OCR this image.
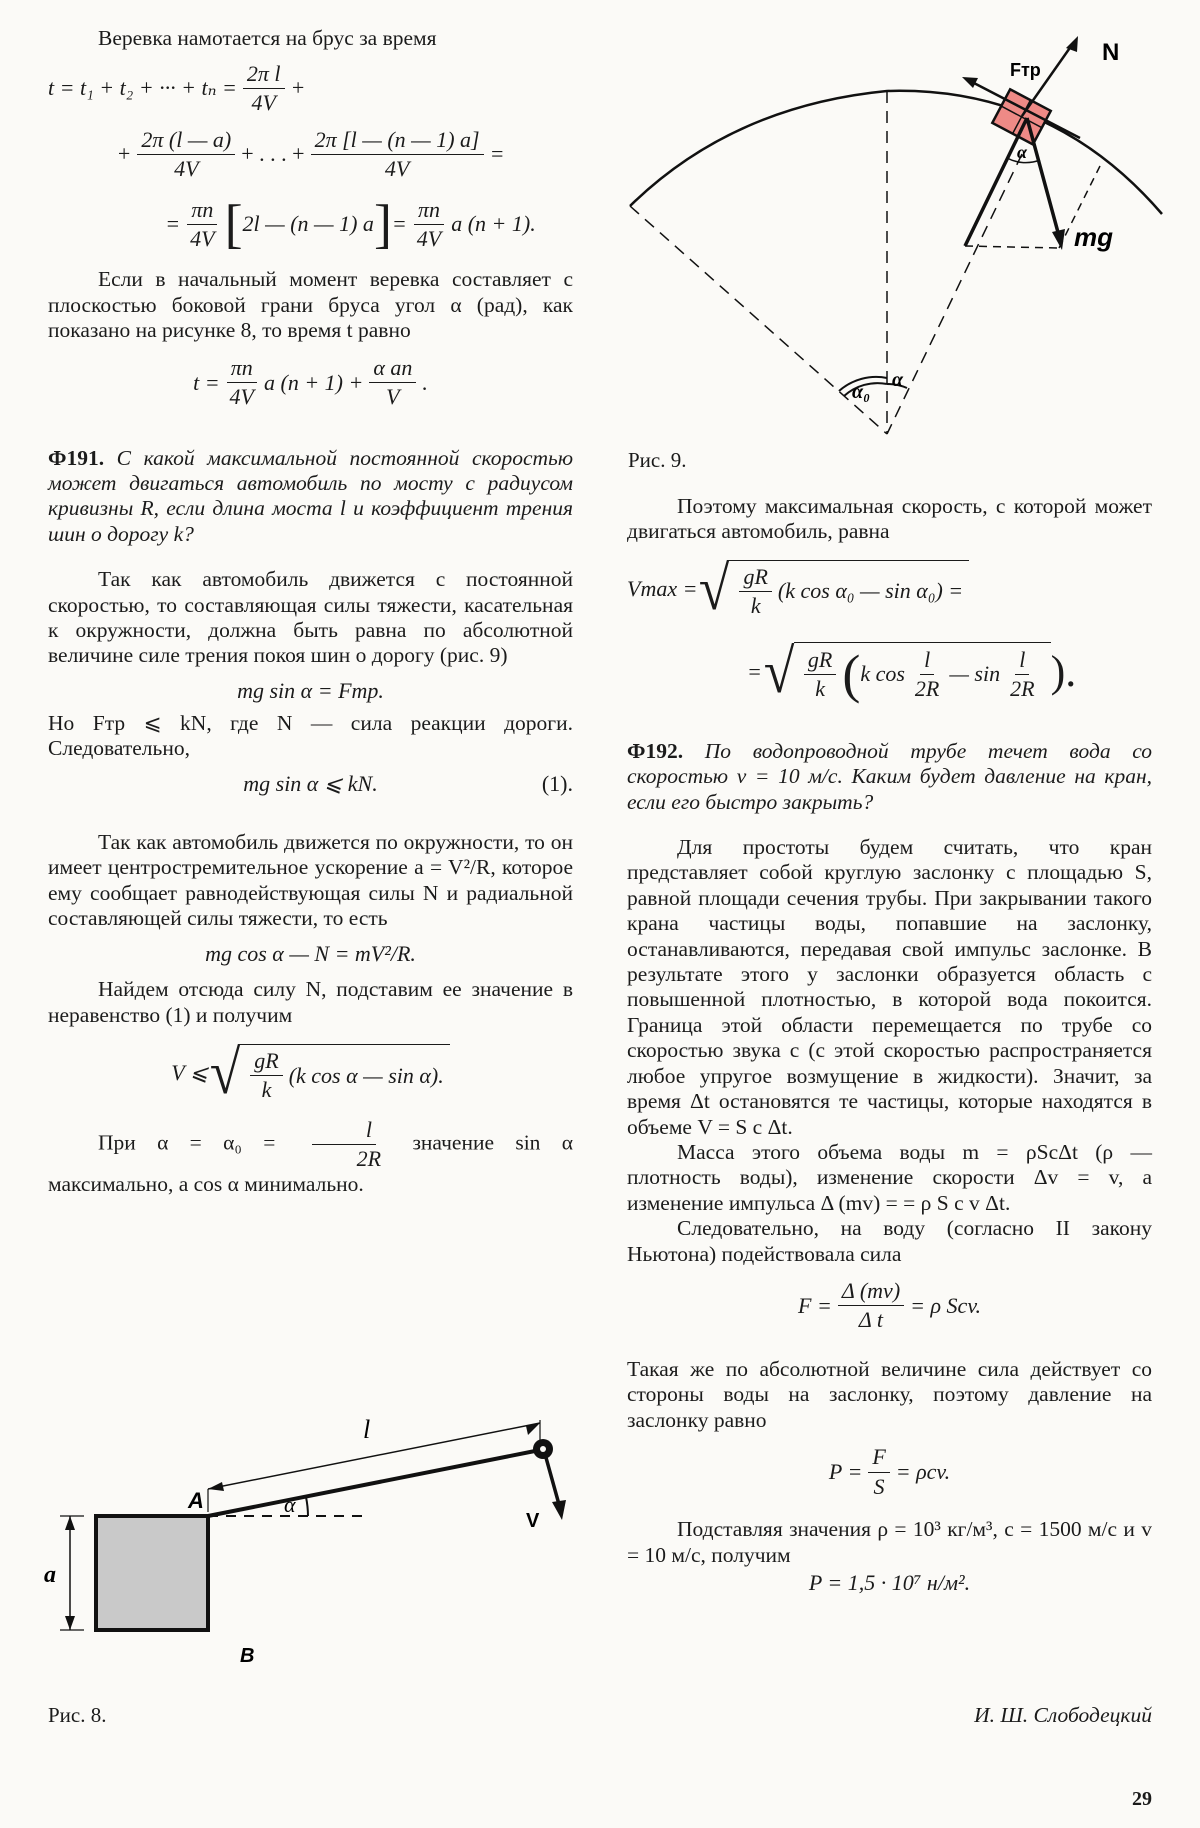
Веревка намотается на брус за время

t = t₁ + t₂ + ··· + $t_n = \frac{\text{2π l}}{4V}$ +
+ $\frac{2\pi (l — a)}{4V}$ + . . . + $\frac{2\pi [l — (n — 1) a]}{4V}$ =
= $\frac{\pi n}{4V}$ [ 2l — (n — 1) a ] = $\frac{\pi n}{4V}$ a (n + 1).

Если в начальный момент веревка составляет с плоскостью боковой грани бруса угол α (рад), как показано на рисунке 8, то время t равно

$t = \frac{\pi n}{4V}$ a $(n + 1) + \frac{\text{α an}}{V}$ .

Ф191. С какой максимальной постоянной скоростью может двигаться автомобиль по мосту с радиусом кривизны R, если длина моста l и коэффициент трения шин о дорогу k?

Так как автомобиль движется с постоянной скоростью, то составляющая силы тяжести, касательная к окружности, должна быть равна по абсолютной величине силе трения покоя шин о дорогу (рис. 9)

mg sin α = Fтр.

Но Fтр ⩽ kN, где N — сила реакции дороги. Следовательно,

mg sin α ⩽ kN.	(1).

Так как автомобиль движется по окружности, то он имеет центростремительное ускорение a = V²/R, которое ему сообщает равнодействующая силы N и радиальной составляющей силы тяжести, то есть

mg cos α — N = mV²/R.

Найдем отсюда силу N, подставим ее значение в неравенство (1) и получим

V ⩽ √ $\frac{gR}{k} (k$ cos α — sin α).

При $\alpha = \alpha_0 = \frac{l}{2R}$ значение sin α максимально, а cos α минимально.

l
A	α
V
a
B
Рис. 8.
Fтр
N
α
mg
α₀
α
Рис. 9.

Поэтому максимальная скорость, с которой может двигаться автомобиль, равна

Vmax = √ $\frac{gR}{k} (k$ cos α₀ — sin α₀) =
= √ $\frac{gR}{k}$ ( k $\cos \frac{l}{2R}$ — $\sin \frac{l}{2R}$ ).

Ф192. По водопроводной трубе течет вода со скоростью v = 10 м/с. Каким будет давление на кран, если его быстро закрыть?

Для простоты будем считать, что кран представляет собой круглую заслонку с площадью S, равной площади сечения трубы. При закрывании такого крана частицы воды, попавшие на заслонку, останавливаются, передавая свой импульс заслонке. В результате этого у заслонки образуется область с повышенной плотностью, в которой вода покоится. Граница этой области перемещается по трубе со скоростью звука c (с этой скоростью распространяется любое упругое возмущение в жидкости). Значит, за время Δt остановятся те частицы, которые находятся в объеме V = S c Δt.

Масса этого объема воды m = ρScΔt (ρ — плотность воды), изменение скорости Δv = v, а изменение импульса Δ (mv) = = ρ S c v Δt.

Следовательно, на воду (согласно II закону Ньютона) подействовала сила

$F = \frac{\Delta (mv)}{\text{Δ t}} = \rho$ Scv.

Такая же по абсолютной величине сила действует со стороны воды на заслонку, поэтому давление на заслонку равно

$P = \frac{F}{S} = \rho cv$.

Подставляя значения ρ = 10³ кг/м³, c = 1500 м/с и v = 10 м/с, получим

P = 1,5 · 10⁷ н/м².
И. Ш. Слободецкий
29
